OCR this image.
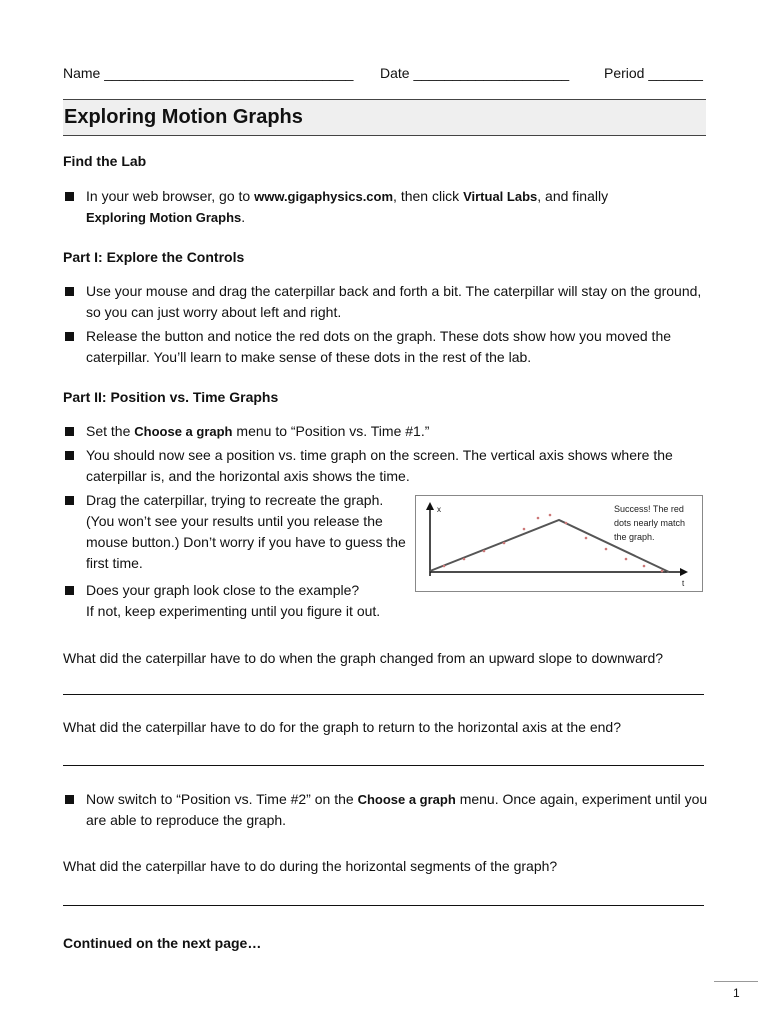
Name ________________________________ Date ____________________ Period _______
Exploring Motion Graphs
Find the Lab
In your web browser, go to www.gigaphysics.com, then click Virtual Labs, and finally
Exploring Motion Graphs.
Part I: Explore the Controls
Use your mouse and drag the caterpillar back and forth a bit. The caterpillar will stay on the ground, so you can just worry about left and right.
Release the button and notice the red dots on the graph. These dots show how you moved the caterpillar. You’ll learn to make sense of these dots in the rest of the lab.
Part II: Position vs. Time Graphs
Set the Choose a graph menu to “Position vs. Time #1.”
You should now see a position vs. time graph on the screen. The vertical axis shows where the caterpillar is, and the horizontal axis shows the time.
Drag the caterpillar, trying to recreate the graph. (You won’t see your results until you release the mouse button.) Don’t worry if you have to guess the first time.
Does your graph look close to the example?
If not, keep experimenting until you figure it out.
x
t
Success! The red dots nearly match the graph.
What did the caterpillar have to do when the graph changed from an upward slope to downward?
What did the caterpillar have to do for the graph to return to the horizontal axis at the end?
Now switch to “Position vs. Time #2” on the Choose a graph menu. Once again, experiment until you are able to reproduce the graph.
What did the caterpillar have to do during the horizontal segments of the graph?
Continued on the next page…
1
